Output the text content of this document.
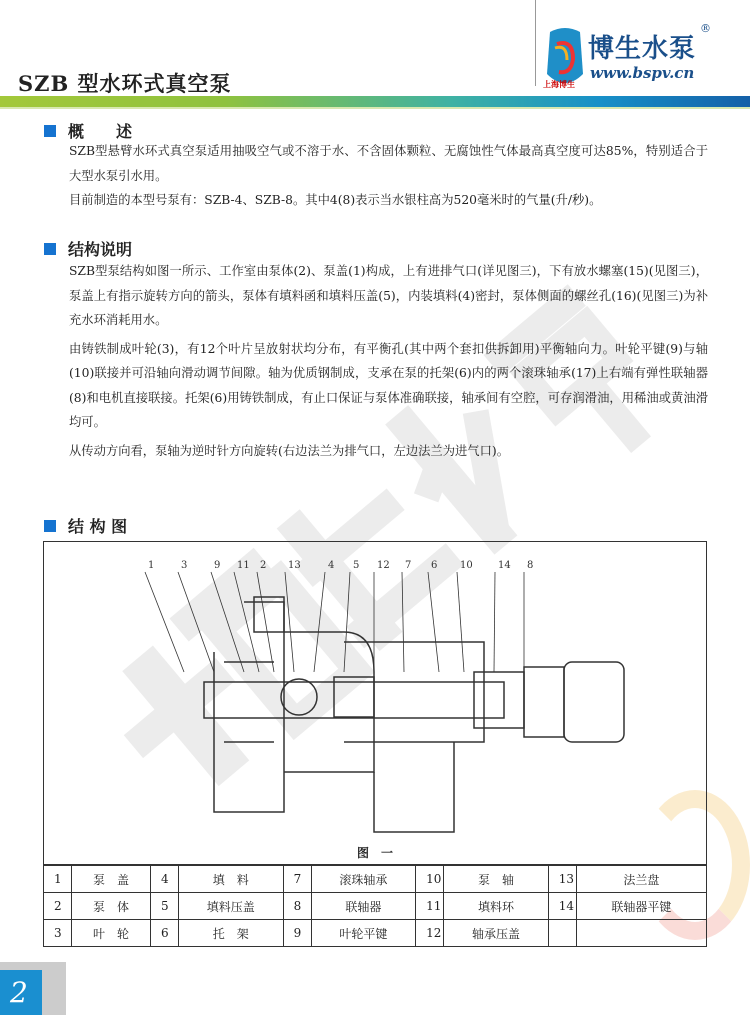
SZB 型水环式真空泵
博生水泵
®
www.bspv.cn
上海博生
概　　述
SZB型悬臂水环式真空泵适用抽吸空气或不溶于水、不含固体颗粒、无腐蚀性气体最高真空度可达85%，特别适合于大型水泵引水用。
目前制造的本型号泵有：SZB-4、SZB-8。其中4(8)表示当水银柱高为520毫米时的气量(升/秒)。
结构说明
SZB型泵结构如图一所示、工作室由泵体(2)、泵盖(1)构成，上有进排气口(详见图三)，下有放水螺塞(15)(见图三)，泵盖上有指示旋转方向的箭头，泵体有填料函和填料压盖(5)，内装填料(4)密封，泵体侧面的螺丝孔(16)(见图三)为补充水环消耗用水。
由铸铁制成叶轮(3)，有12个叶片呈放射状均分布，有平衡孔(其中两个套扣供拆卸用)平衡轴向力。叶轮平键(9)与轴(10)联接并可沿轴向滑动调节间隙。轴为优质钢制成，支承在泵的托架(6)内的两个滚珠轴承(17)上右端有弹性联轴器(8)和电机直接联接。托架(6)用铸铁制成，有止口保证与泵体准确联接，轴承间有空腔，可存润滑油，用稀油或黄油滑均可。
从传动方向看，泵轴为逆时针方向旋转(右边法兰为排气口，左边法兰为进气口)。
结 构 图
1	3	9 11 2 13	4 5 12 7 6 10	14 8
图　一
1	泵　盖	4	填　料	7	滚珠轴承	10	泵　轴	13	法兰盘
2	泵　体	5	填料压盖	8	联轴器	11	填料环	14	联轴器平键
3	叶　轮	6	托　架	9	叶轮平键	12	轴承压盖		
2
